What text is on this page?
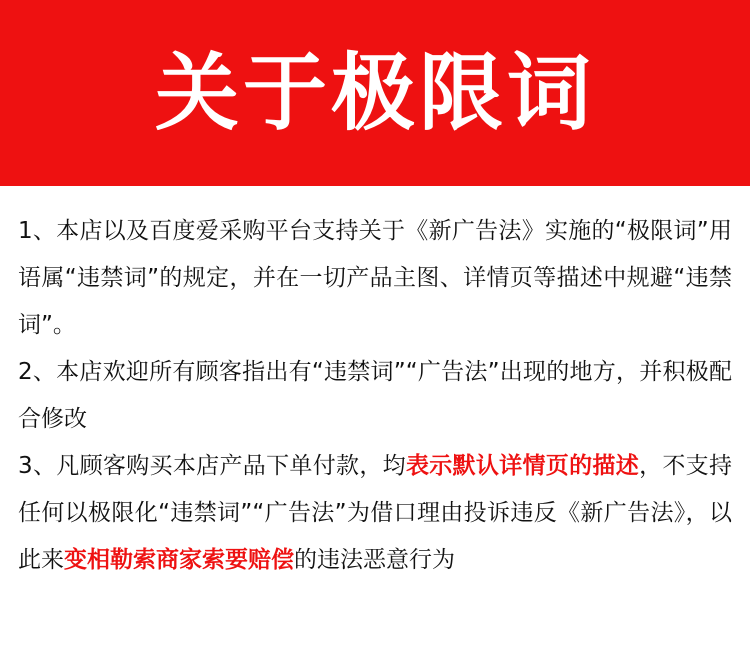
关于极限词

1、本店以及百度爱采购平台支持关于《新广告法》实施的“极限词”用语属“违禁词”的规定，并在一切产品主图、详情页等描述中规避“违禁词”。

2、本店欢迎所有顾客指出有“违禁词”“广告法”出现的地方，并积极配合修改

3、凡顾客购买本店产品下单付款，均表示默认详情页的描述，不支持任何以极限化“违禁词”“广告法”为借口理由投诉违反《新广告法》，以此来变相勒索商家索要赔偿的违法恶意行为
